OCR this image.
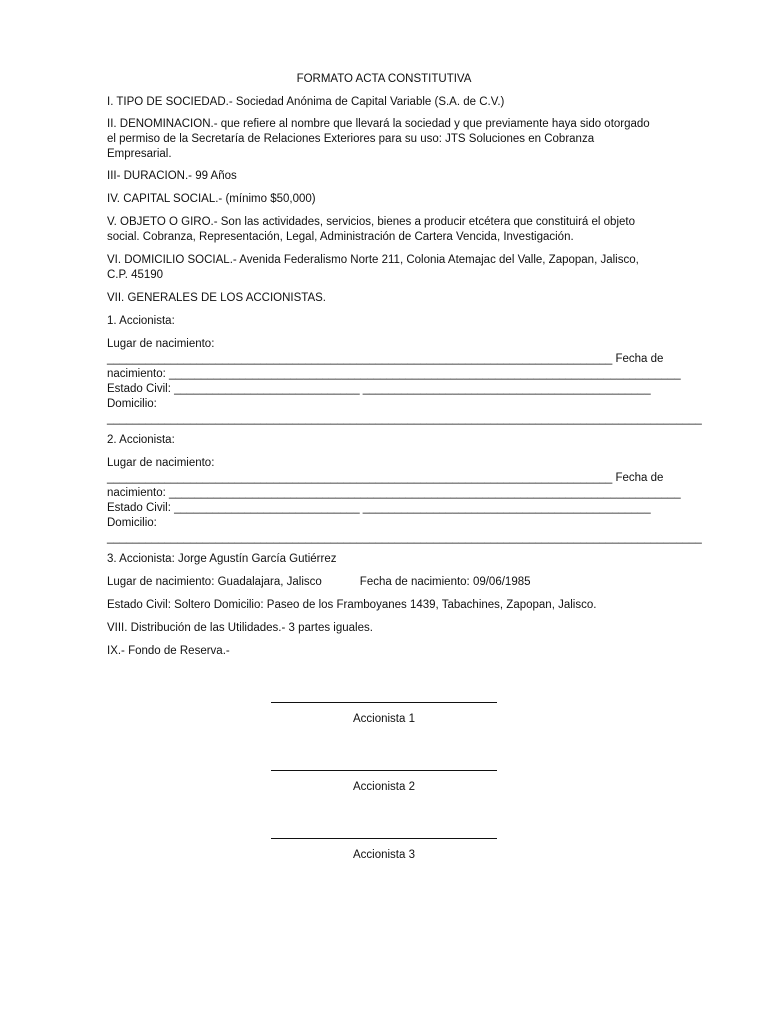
FORMATO ACTA CONSTITUTIVA

I. TIPO DE SOCIEDAD.- Sociedad Anónima de Capital Variable (S.A. de C.V.)

II. DENOMINACION.- que refiere al nombre que llevará la sociedad y que previamente haya sido otorgado el permiso de la Secretaría de Relaciones Exteriores para su uso: JTS Soluciones en Cobranza Empresarial.

III- DURACION.- 99 Años

IV. CAPITAL SOCIAL.- (mínimo $50,000)

V. OBJETO O GIRO.- Son las actividades, servicios, bienes a producir etcétera que constituirá el objeto social. Cobranza, Representación, Legal, Administración de Cartera Vencida, Investigación.

VI. DOMICILIO SOCIAL.- Avenida Federalismo Norte 211, Colonia Atemajac del Valle, Zapopan, Jalisco, C.P. 45190

VII. GENERALES DE LOS ACCIONISTAS.

1. Accionista:

Lugar de nacimiento:
_______________________________________________________________________________ Fecha de
nacimiento: ________________________________________________________________________________
Estado Civil: _____________________________ _____________________________________________
Domicilio:
_____________________________________________________________________________________________

2. Accionista:

Lugar de nacimiento:
_______________________________________________________________________________ Fecha de
nacimiento: ________________________________________________________________________________
Estado Civil: _____________________________ _____________________________________________
Domicilio:
_____________________________________________________________________________________________

3. Accionista: Jorge Agustín García Gutiérrez

Lugar de nacimiento: Guadalajara, Jalisco	Fecha de nacimiento: 09/06/1985

Estado Civil: Soltero Domicilio: Paseo de los Framboyanes 1439, Tabachines, Zapopan, Jalisco.

VIII. Distribución de las Utilidades.- 3 partes iguales.

IX.- Fondo de Reserva.-

Accionista 1
Accionista 2
Accionista 3
